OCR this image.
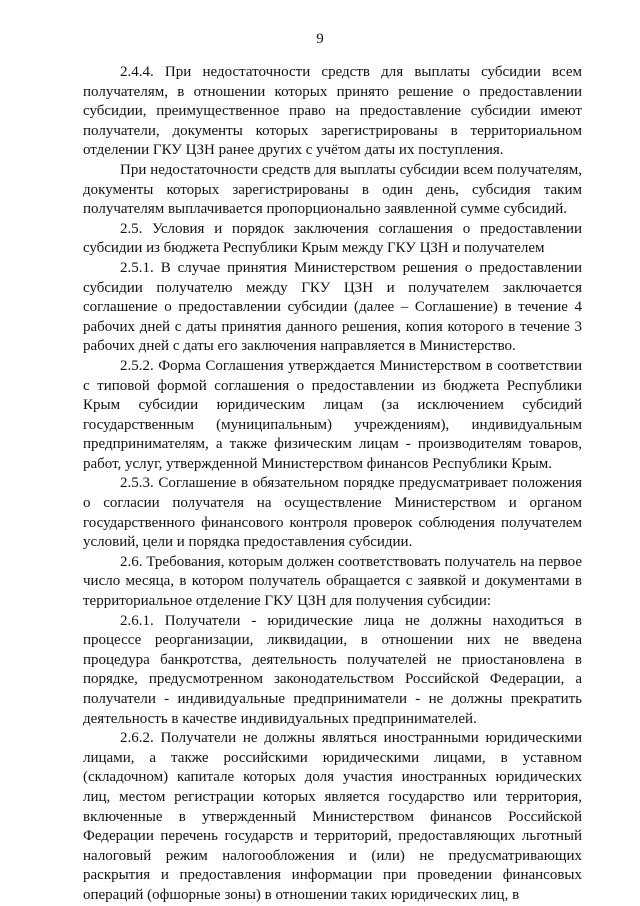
9

2.4.4. При недостаточности средств для выплаты субсидии всем получателям, в отношении которых принято решение о предоставлении субсидии, преимущественное право на предоставление субсидии имеют получатели, документы которых зарегистрированы в территориальном отделении ГКУ ЦЗН ранее других с учётом даты их поступления.

При недостаточности средств для выплаты субсидии всем получателям, документы которых зарегистрированы в один день, субсидия таким получателям выплачивается пропорционально заявленной сумме субсидий.

2.5. Условия и порядок заключения соглашения о предоставлении субсидии из бюджета Республики Крым между ГКУ ЦЗН и получателем

2.5.1. В случае принятия Министерством решения о предоставлении субсидии получателю между ГКУ ЦЗН и получателем заключается соглашение о предоставлении субсидии (далее – Соглашение) в течение 4 рабочих дней с даты принятия данного решения, копия которого в течение 3 рабочих дней с даты его заключения направляется в Министерство.

2.5.2. Форма Соглашения утверждается Министерством в соответствии с типовой формой соглашения о предоставлении из бюджета Республики Крым субсидии юридическим лицам (за исключением субсидий государственным (муниципальным) учреждениям), индивидуальным предпринимателям, а также физическим лицам - производителям товаров, работ, услуг, утвержденной Министерством финансов Республики Крым.

2.5.3. Соглашение в обязательном порядке предусматривает положения о согласии получателя на осуществление Министерством и органом государственного финансового контроля проверок соблюдения получателем условий, цели и порядка предоставления субсидии.

2.6. Требования, которым должен соответствовать получатель на первое число месяца, в котором получатель обращается с заявкой и документами в территориальное отделение ГКУ ЦЗН для получения субсидии:

2.6.1. Получатели - юридические лица не должны находиться в процессе реорганизации, ликвидации, в отношении них не введена процедура банкротства, деятельность получателей не приостановлена в порядке, предусмотренном законодательством Российской Федерации, а получатели - индивидуальные предприниматели - не должны прекратить деятельность в качестве индивидуальных предпринимателей.

2.6.2. Получатели не должны являться иностранными юридическими лицами, а также российскими юридическими лицами, в уставном (складочном) капитале которых доля участия иностранных юридических лиц, местом регистрации которых является государство или территория, включенные в утвержденный Министерством финансов Российской Федерации перечень государств и территорий, предоставляющих льготный налоговый режим налогообложения и (или) не предусматривающих раскрытия и предоставления информации при проведении финансовых операций (офшорные зоны) в отношении таких юридических лиц, в
